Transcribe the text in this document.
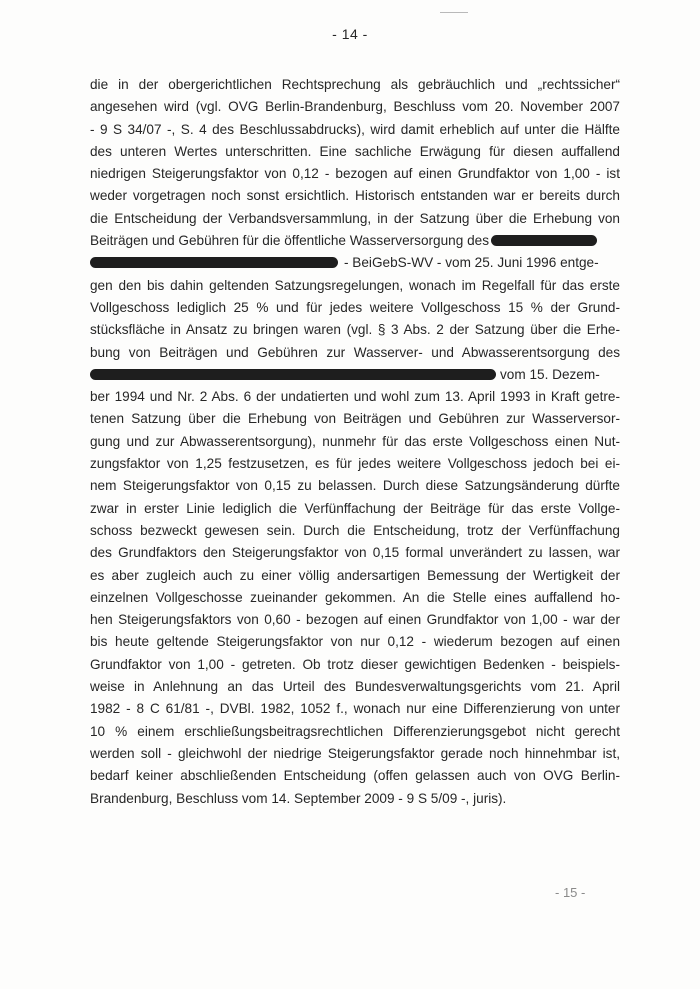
- 14 -
die in der obergerichtlichen Rechtsprechung als gebräuchlich und „rechtssicher“
angesehen wird (vgl. OVG Berlin-Brandenburg, Beschluss vom 20. November 2007
- 9 S 34/07 -, S. 4 des Beschlussabdrucks), wird damit erheblich auf unter die Hälfte
des unteren Wertes unterschritten. Eine sachliche Erwägung für diesen auffallend
niedrigen Steigerungsfaktor von 0,12 - bezogen auf einen Grundfaktor von 1,00 - ist
weder vorgetragen noch sonst ersichtlich. Historisch entstanden war er bereits durch
die Entscheidung der Verbandsversammlung, in der Satzung über die Erhebung von
Beiträgen und Gebühren für die öffentliche Wasserversorgung des
- BeiGebS-WV - vom 25. Juni 1996 entge-
gen den bis dahin geltenden Satzungsregelungen, wonach im Regelfall für das erste
Vollgeschoss lediglich 25 % und für jedes weitere Vollgeschoss 15 % der Grund-
stücksfläche in Ansatz zu bringen waren (vgl. § 3 Abs. 2 der Satzung über die Erhe-
bung von Beiträgen und Gebühren zur Wasserver- und Abwasserentsorgung des
vom 15. Dezem-
ber 1994 und Nr. 2 Abs. 6 der undatierten und wohl zum 13. April 1993 in Kraft getre-
tenen Satzung über die Erhebung von Beiträgen und Gebühren zur Wasserversor-
gung und zur Abwasserentsorgung), nunmehr für das erste Vollgeschoss einen Nut-
zungsfaktor von 1,25 festzusetzen, es für jedes weitere Vollgeschoss jedoch bei ei-
nem Steigerungsfaktor von 0,15 zu belassen. Durch diese Satzungsänderung dürfte
zwar in erster Linie lediglich die Verfünffachung der Beiträge für das erste Vollge-
schoss bezweckt gewesen sein. Durch die Entscheidung, trotz der Verfünffachung
des Grundfaktors den Steigerungsfaktor von 0,15 formal unverändert zu lassen, war
es aber zugleich auch zu einer völlig andersartigen Bemessung der Wertigkeit der
einzelnen Vollgeschosse zueinander gekommen. An die Stelle eines auffallend ho-
hen Steigerungsfaktors von 0,60 - bezogen auf einen Grundfaktor von 1,00 - war der
bis heute geltende Steigerungsfaktor von nur 0,12 - wiederum bezogen auf einen
Grundfaktor von 1,00 - getreten. Ob trotz dieser gewichtigen Bedenken - beispiels-
weise in Anlehnung an das Urteil des Bundesverwaltungsgerichts vom 21. April
1982 - 8 C 61/81 -, DVBl. 1982, 1052 f., wonach nur eine Differenzierung von unter
10 % einem erschließungsbeitragsrechtlichen Differenzierungsgebot nicht gerecht
werden soll - gleichwohl der niedrige Steigerungsfaktor gerade noch hinnehmbar ist,
bedarf keiner abschließenden Entscheidung (offen gelassen auch von OVG Berlin-
Brandenburg, Beschluss vom 14. September 2009 - 9 S 5/09 -, juris).
- 15 -
